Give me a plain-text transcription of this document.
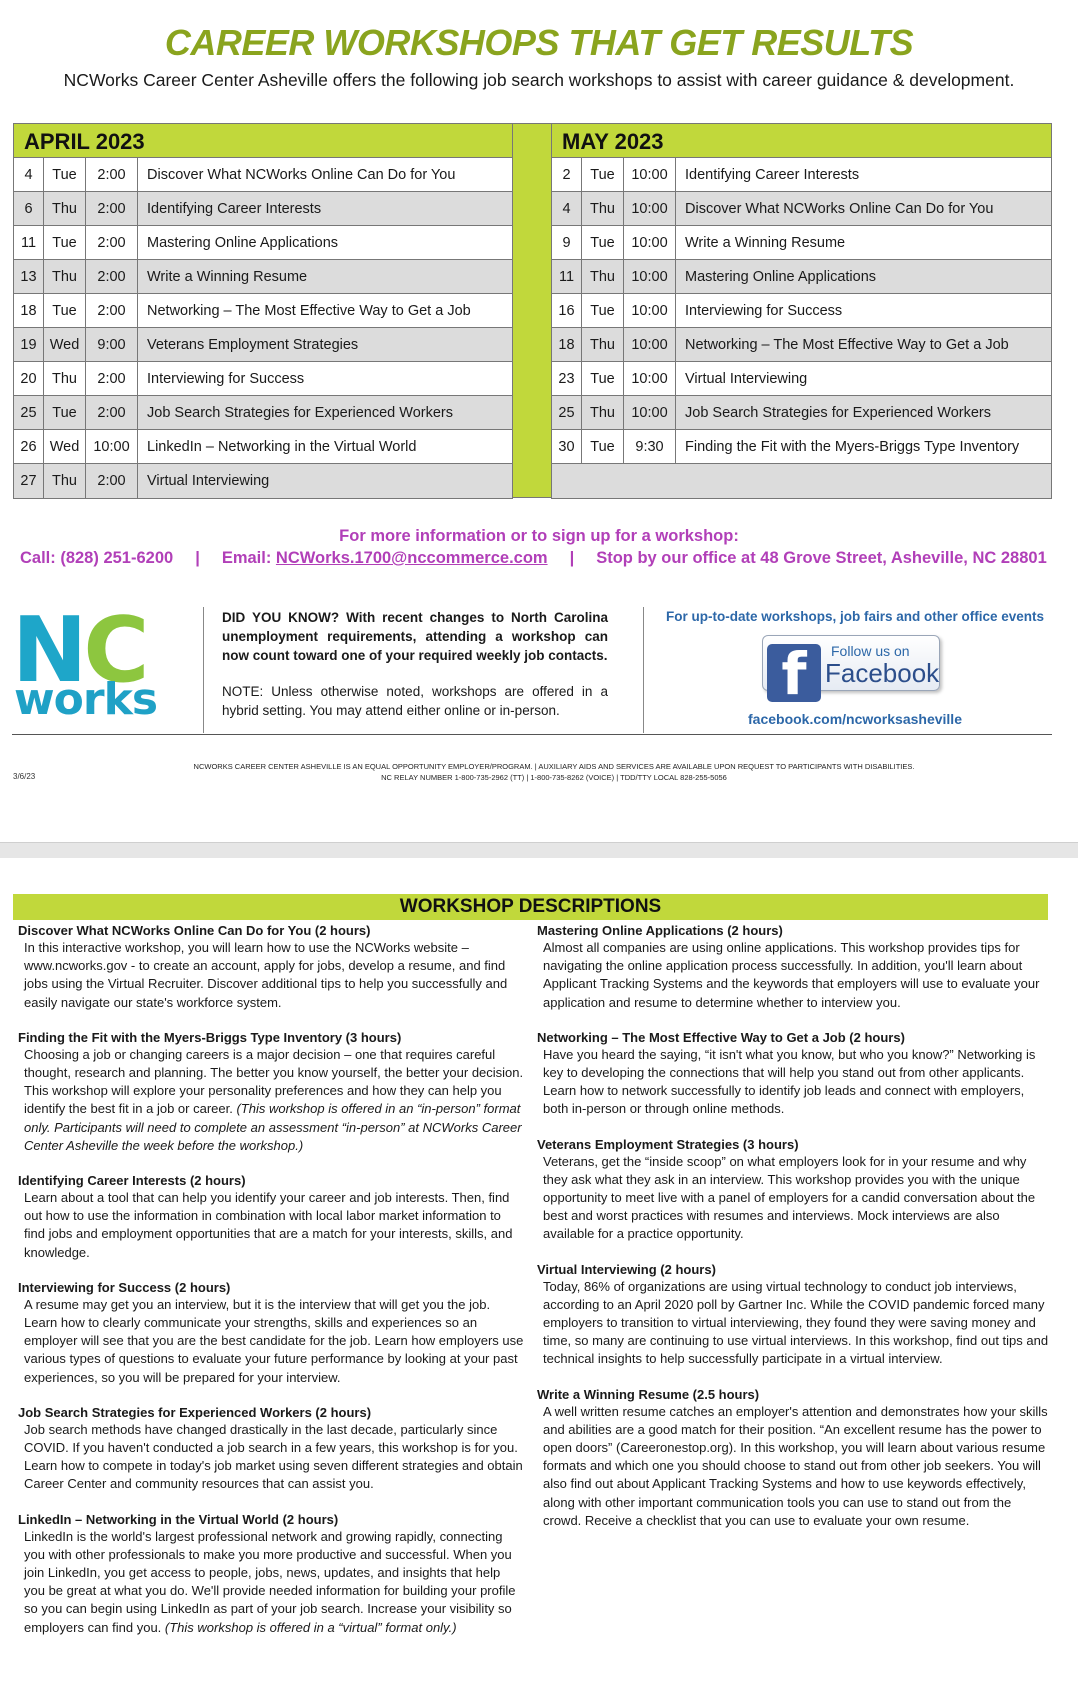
CAREER WORKSHOPS THAT GET RESULTS
NCWorks Career Center Asheville offers the following job search workshops to assist with career guidance & development.
APRIL 2023
4	Tue	2:00	Discover What NCWorks Online Can Do for You
6	Thu	2:00	Identifying Career Interests
11	Tue	2:00	Mastering Online Applications
13	Thu	2:00	Write a Winning Resume
18	Tue	2:00	Networking – The Most Effective Way to Get a Job
19 Wed	9:00	Veterans Employment Strategies
20	Thu	2:00	Interviewing for Success
25	Tue	2:00	Job Search Strategies for Experienced Workers
26 Wed 10:00	LinkedIn – Networking in the Virtual World
27	Thu	2:00	Virtual Interviewing
MAY 2023
2	Tue	10:00	Identifying Career Interests
4	Thu	10:00	Discover What NCWorks Online Can Do for You
9	Tue	10:00	Write a Winning Resume
11	Thu	10:00	Mastering Online Applications
16	Tue	10:00	Interviewing for Success
18	Thu	10:00	Networking – The Most Effective Way to Get a Job
23	Tue	10:00	Virtual Interviewing
25	Thu	10:00	Job Search Strategies for Experienced Workers
30	Tue	9:30	Finding the Fit with the Myers-Briggs Type Inventory
For more information or to sign up for a workshop:
Call: (828) 251-6200 | Email: NCWorks.1700@nccommerce.com | Stop by our office at 48 Grove Street, Asheville, NC 28801
NC
works
DID YOU KNOW? With recent changes to North Carolina unemployment requirements, attending a workshop can now count toward one of your required weekly job contacts.
NOTE: Unless otherwise noted, workshops are offered in a hybrid setting. You may attend either online or in-person.
For up-to-date workshops, job fairs and other office events
f	Follow us on
Facebook
facebook.com/ncworksasheville
NCWORKS CAREER CENTER ASHEVILLE IS AN EQUAL OPPORTUNITY EMPLOYER/PROGRAM. | AUXILIARY AIDS AND SERVICES ARE AVAILABLE UPON REQUEST TO PARTICIPANTS WITH DISABILITIES.
NC RELAY NUMBER 1-800-735-2962 (TT) | 1-800-735-8262 (VOICE) | TDD/TTY LOCAL 828-255-5056
3/6/23
WORKSHOP DESCRIPTIONS
Discover What NCWorks Online Can Do for You (2 hours)

In this interactive workshop, you will learn how to use the NCWorks website – www.ncworks.gov - to create an account, apply for jobs, develop a resume, and find jobs using the Virtual Recruiter. Discover additional tips to help you successfully and easily navigate our state's workforce system.

Finding the Fit with the Myers-Briggs Type Inventory (3 hours)

Choosing a job or changing careers is a major decision – one that requires careful thought, research and planning. The better you know yourself, the better your decision. This workshop will explore your personality preferences and how they can help you identify the best fit in a job or career. (This workshop is offered in an “in-person” format only. Participants will need to complete an assessment “in-person” at NCWorks Career Center Asheville the week before the workshop.)

Identifying Career Interests (2 hours)

Learn about a tool that can help you identify your career and job interests. Then, find out how to use the information in combination with local labor market information to find jobs and employment opportunities that are a match for your interests, skills, and knowledge.

Interviewing for Success (2 hours)

A resume may get you an interview, but it is the interview that will get you the job. Learn how to clearly communicate your strengths, skills and experiences so an employer will see that you are the best candidate for the job. Learn how employers use various types of questions to evaluate your future performance by looking at your past experiences, so you will be prepared for your interview.

Job Search Strategies for Experienced Workers (2 hours)

Job search methods have changed drastically in the last decade, particularly since COVID. If you haven't conducted a job search in a few years, this workshop is for you. Learn how to compete in today's job market using seven different strategies and obtain Career Center and community resources that can assist you.

LinkedIn – Networking in the Virtual World (2 hours)

LinkedIn is the world's largest professional network and growing rapidly, connecting you with other professionals to make you more productive and successful. When you join LinkedIn, you get access to people, jobs, news, updates, and insights that help you be great at what you do. We'll provide needed information for building your profile so you can begin using LinkedIn as part of your job search. Increase your visibility so employers can find you. (This workshop is offered in a “virtual” format only.)

Mastering Online Applications (2 hours)

Almost all companies are using online applications. This workshop provides tips for navigating the online application process successfully. In addition, you'll learn about Applicant Tracking Systems and the keywords that employers will use to evaluate your application and resume to determine whether to interview you.

Networking – The Most Effective Way to Get a Job (2 hours)

Have you heard the saying, “it isn't what you know, but who you know?” Networking is key to developing the connections that will help you stand out from other applicants. Learn how to network successfully to identify job leads and connect with employers, both in-person or through online methods.

Veterans Employment Strategies (3 hours)

Veterans, get the “inside scoop” on what employers look for in your resume and why they ask what they ask in an interview. This workshop provides you with the unique opportunity to meet live with a panel of employers for a candid conversation about the best and worst practices with resumes and interviews. Mock interviews are also available for a practice opportunity.

Virtual Interviewing (2 hours)

Today, 86% of organizations are using virtual technology to conduct job interviews, according to an April 2020 poll by Gartner Inc. While the COVID pandemic forced many employers to transition to virtual interviewing, they found they were saving money and time, so many are continuing to use virtual interviews. In this workshop, find out tips and technical insights to help successfully participate in a virtual interview.

Write a Winning Resume (2.5 hours)

A well written resume catches an employer's attention and demonstrates how your skills and abilities are a good match for their position. “An excellent resume has the power to open doors” (Careeronestop.org). In this workshop, you will learn about various resume formats and which one you should choose to stand out from other job seekers. You will also find out about Applicant Tracking Systems and how to use keywords effectively, along with other important communication tools you can use to stand out from the crowd. Receive a checklist that you can use to evaluate your own resume.
